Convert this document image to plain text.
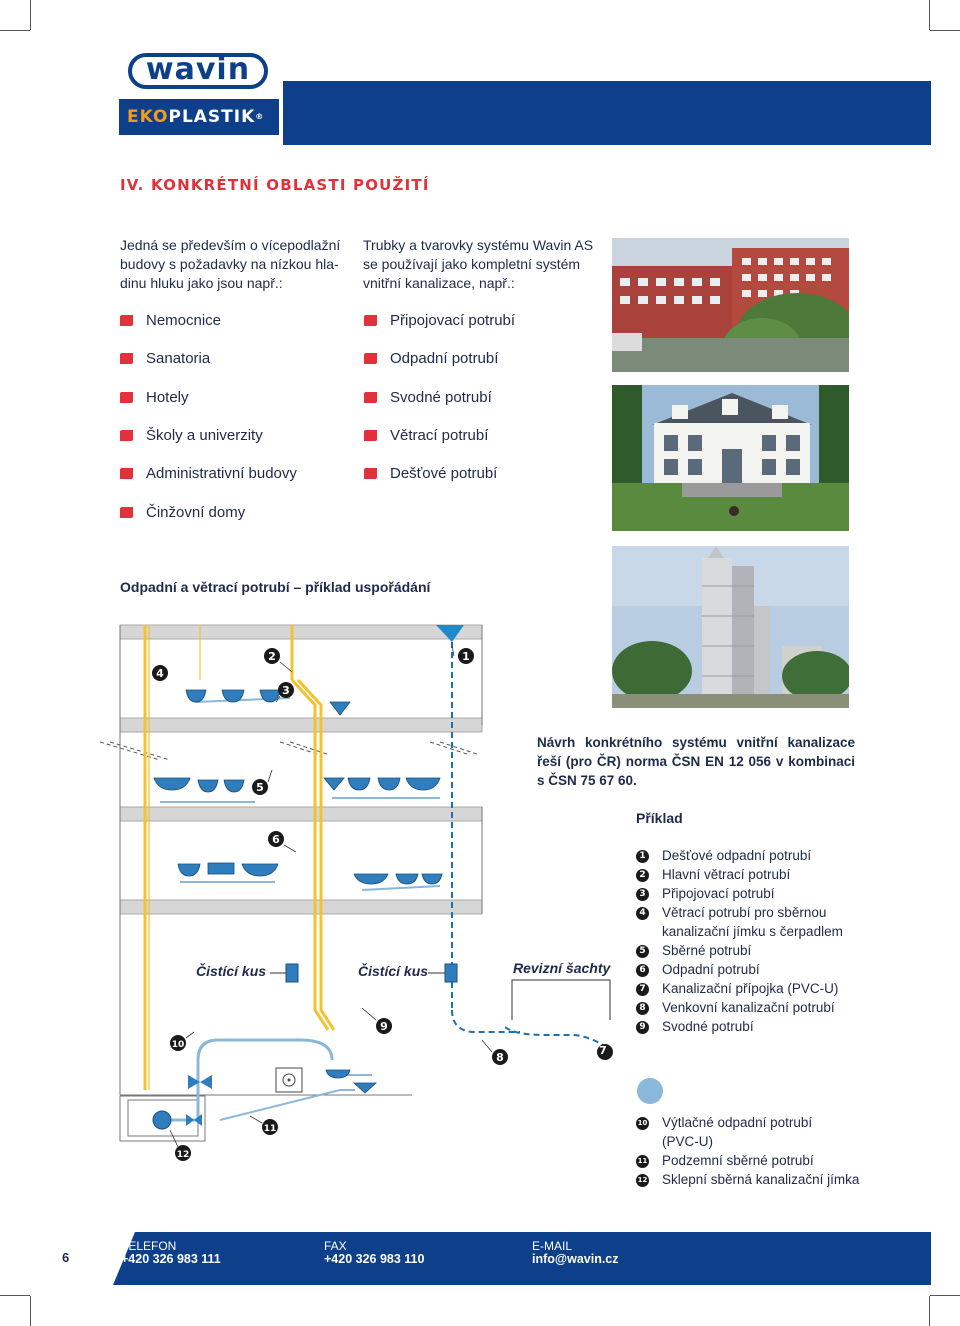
wavin
EKOPLASTIK®
IV. KONKRÉTNÍ OBLASTI POUŽITÍ
Jedná se především o vícepodlažní
budovy s požadavky na nízkou hla-
dinu hluku jako jsou např.:
Trubky a tvarovky systému Wavin AS
se používají jako kompletní systém
vnitřní kanalizace, např.:
Nemocnice
Sanatoria
Hotely
Školy a univerzity
Administrativní budovy
Činžovní domy
Připojovací potrubí
Odpadní potrubí
Svodné potrubí
Větrací potrubí
Dešťové potrubí
Odpadní a větrací potrubí – příklad uspořádání
4
2
3
1
5
6
9
8
10
11
12
Čistící kus	Čistící kus	Revizní šachty
7
Návrh konkrétního systému vnitřní kanalizace řeší (pro ČR) norma ČSN EN 12 056 v kombinaci s ČSN 75 67 60.
Příklad
1 Dešťové odpadní potrubí
2 Hlavní větrací potrubí
3 Připojovací potrubí
4 Větrací potrubí pro sběrnou
kanalizační jímku s čerpadlem
5 Sběrné potrubí
6 Odpadní potrubí
7 Kanalizační přípojka (PVC-U)
8 Venkovní kanalizační potrubí
9 Svodné potrubí
10 Výtlačné odpadní potrubí
(PVC-U)
11 Podzemní sběrné potrubí
12 Sklepní sběrná kanalizační jímka
6
TELEFON
+420 326 983 111
FAX
+420 326 983 110
E-MAIL
info@wavin.cz
